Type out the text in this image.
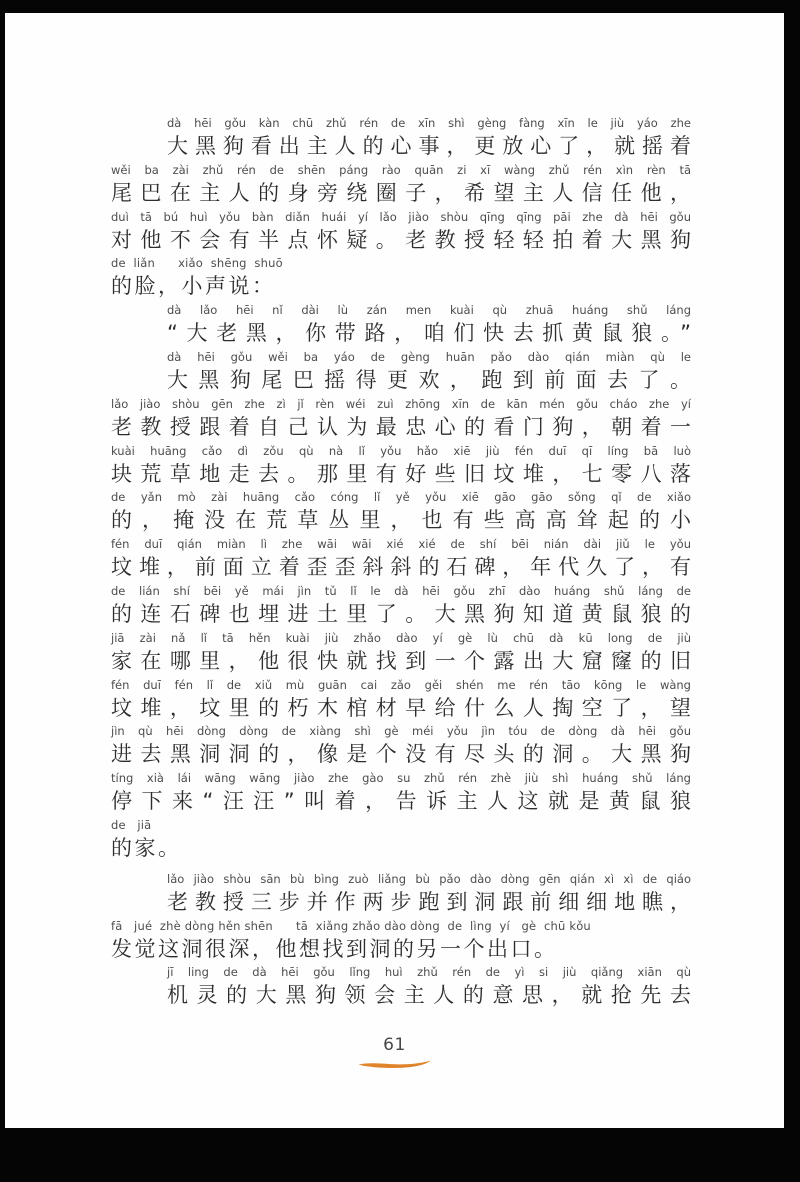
dà hēi gǒu kàn chū zhǔ rén de xīn shì gèng fàng xīn le jiù yáo zhe
大黑狗看出主人的心事，更放心了，就摇着
wěi ba zài zhǔ rén de shēn páng rào quān zi xī wàng zhǔ rén xìn rèn tā
尾巴在主人的身旁绕圈子，希望主人信任他，
duì tā bú huì yǒu bàn diǎn huái yí lǎo jiào shòu qīng qīng pāi zhe dà hēi gǒu
对他不会有半点怀疑。老教授轻轻拍着大黑狗
de  liǎn      xiǎo  shēng  shuō
的脸，小声说：
dà lǎo hēi nǐ dài lù zán men kuài qù zhuā huáng shǔ láng
“大老黑，你带路，咱们快去抓黄鼠狼。”
dà hēi gǒu wěi ba yáo de gèng huān pǎo dào qián miàn qù le
大黑狗尾巴摇得更欢，跑到前面去了。
lǎo jiào shòu gēn zhe zì jǐ rèn wéi zuì zhōng xīn de kān mén gǒu cháo zhe yí
老教授跟着自己认为最忠心的看门狗，朝着一
kuài huāng cǎo dì zǒu qù nà lǐ yǒu hǎo xiē jiù fén duī qī líng bā luò
块荒草地走去。那里有好些旧坟堆，七零八落
de yǎn mò zài huāng cǎo cóng lǐ yě yǒu xiē gāo gāo sǒng qǐ de xiǎo
的，掩没在荒草丛里，也有些高高耸起的小
fén duī qián miàn lì zhe wāi wāi xié xié de shí bēi nián dài jiǔ le yǒu
坟堆，前面立着歪歪斜斜的石碑，年代久了，有
de lián shí bēi yě mái jìn tǔ lǐ le dà hēi gǒu zhī dào huáng shǔ láng de
的连石碑也埋进土里了。大黑狗知道黄鼠狼的
jiā zài nǎ lǐ tā hěn kuài jiù zhǎo dào yí gè lù chū dà kū long de jiù
家在哪里，他很快就找到一个露出大窟窿的旧
fén duī fén lǐ de xiǔ mù guān cai zǎo gěi shén me rén tāo kōng le wàng
坟堆，坟里的朽木棺材早给什么人掏空了，望
jìn qù hēi dòng dòng de xiàng shì gè méi yǒu jìn tóu de dòng dà hēi gǒu
进去黑洞洞的，像是个没有尽头的洞。大黑狗
tíng xià lái wāng wāng jiào zhe gào su zhǔ rén zhè jiù shì huáng shǔ láng
停下来“汪汪”叫着，告诉主人这就是黄鼠狼
de   jiā
的家。
lǎo jiào shòu sān bù bìng zuò liǎng bù pǎo dào dòng gēn qián xì xì de qiáo
老教授三步并作两步跑到洞跟前细细地瞧，
fā   jué  zhè dòng hěn shēn      tā  xiǎng zhǎo dào dòng  de  lìng  yí   gè  chū kǒu
发觉这洞很深，他想找到洞的另一个出口。
jī ling de dà hēi gǒu lǐng huì zhǔ rén de yì si jiù qiǎng xiān qù
机灵的大黑狗领会主人的意思，就抢先去
61
